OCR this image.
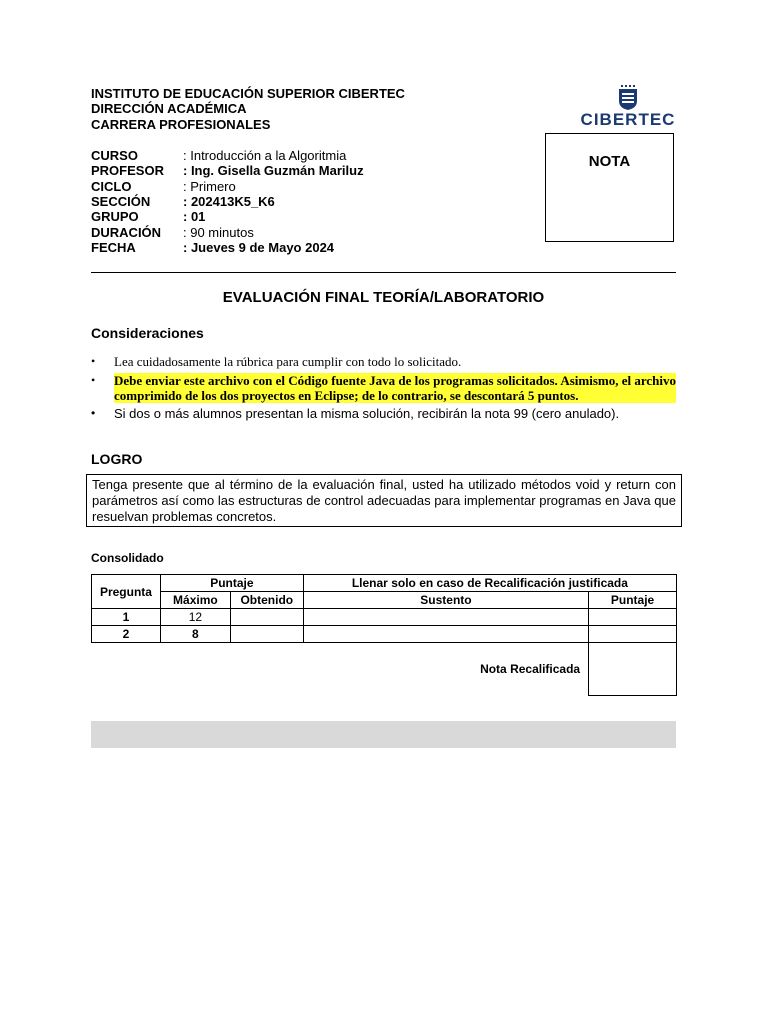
INSTITUTO DE EDUCACIÓN SUPERIOR CIBERTEC
DIRECCIÓN ACADÉMICA
CARRERA PROFESIONALES	CIBERTEC
CURSO	: Introducción a la Algoritmia
PROFESOR : Ing. Gisella Guzmán Mariluz
CICLO	: Primero
SECCIÓN	: 202413K5_K6
GRUPO	: 01
DURACIÓN : 90 minutos
FECHA	: Jueves 9 de Mayo 2024
NOTA
EVALUACIÓN FINAL TEORÍA/LABORATORIO
Consideraciones
• Lea cuidadosamente la rúbrica para cumplir con todo lo solicitado.
• Debe enviar este archivo con el Código fuente Java de los programas solicitados. Asimismo, el archivo comprimido de los dos proyectos en Eclipse; de lo contrario, se descontará 5 puntos.
• Si dos o más alumnos presentan la misma solución, recibirán la nota 99 (cero anulado).
LOGRO
Tenga presente que al término de la evaluación final, usted ha utilizado métodos void y return con parámetros así como las estructuras de control adecuadas para implementar programas en Java que resuelvan problemas concretos.
Consolidado
Pregunta	Puntaje		Llenar solo en caso de Recalificación justificada	
	Máximo	Obtenido	Sustento	Puntaje
1	12			
2	8			
			Nota Recalificada	
